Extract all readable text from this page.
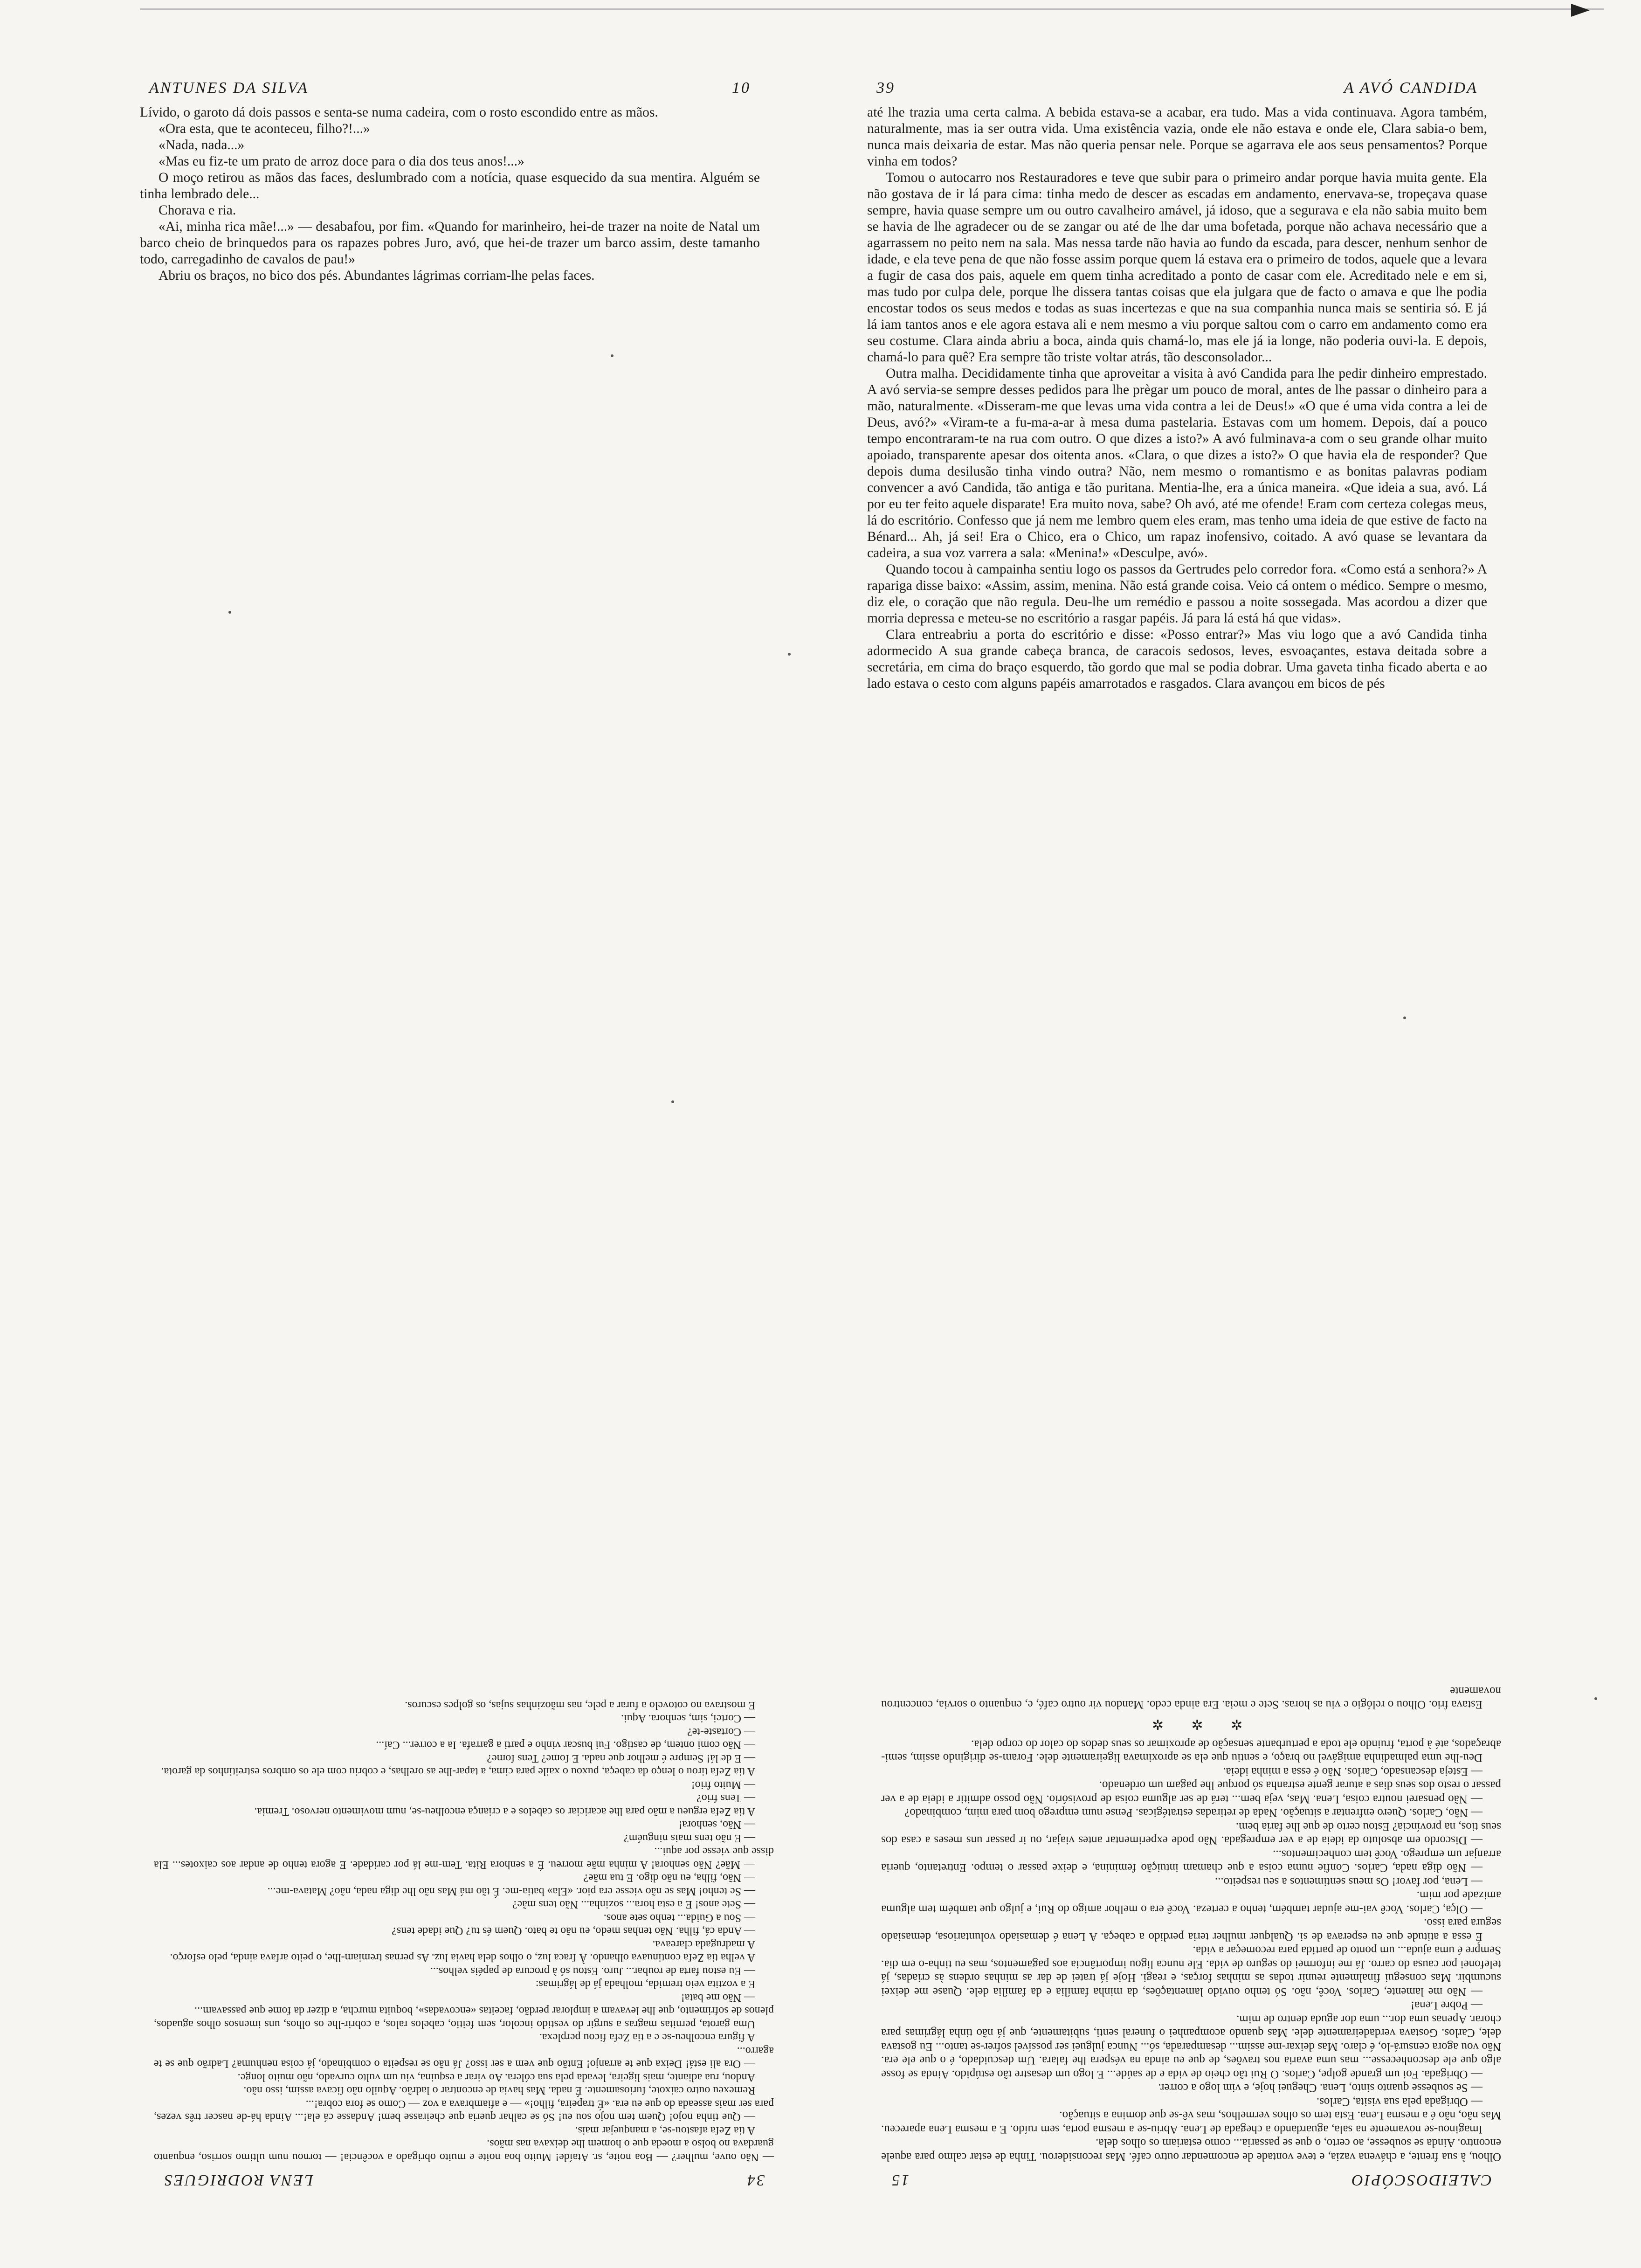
ANTUNES DA SILVA	10

Lívido, o garoto dá dois passos e senta-se numa cadeira, com o rosto escondido entre as mãos.

«Ora esta, que te aconteceu, filho?!...»

«Nada, nada...»

«Mas eu fiz-te um prato de arroz doce para o dia dos teus anos!...»

O moço retirou as mãos das faces, deslumbrado com a notícia, quase esquecido da sua mentira. Alguém se tinha lembrado dele...

Chorava e ria.

«Ai, minha rica mãe!...» — desabafou, por fim. «Quando for marinheiro, hei-de trazer na noite de Natal um barco cheio de brinquedos para os rapazes pobres Juro, avó, que hei-de trazer um barco assim, deste tamanho todo, carregadinho de cavalos de pau!»

Abriu os braços, no bico dos pés. Abundantes lágrimas corriam-lhe pelas faces.

39	A AVÓ CANDIDA

até lhe trazia uma certa calma. A bebida estava-se a acabar, era tudo. Mas a vida continuava. Agora também, naturalmente, mas ia ser outra vida. Uma existência vazia, onde ele não estava e onde ele, Clara sabia-o bem, nunca mais deixaria de estar. Mas não queria pensar nele. Porque se agarrava ele aos seus pensamentos? Porque vinha em todos?

Tomou o autocarro nos Restauradores e teve que subir para o primeiro andar porque havia muita gente. Ela não gostava de ir lá para cima: tinha medo de descer as escadas em andamento, enervava-se, tropeçava quase sempre, havia quase sempre um ou outro cavalheiro amável, já idoso, que a segurava e ela não sabia muito bem se havia de lhe agradecer ou de se zangar ou até de lhe dar uma bofetada, porque não achava necessário que a agarrassem no peito nem na sala. Mas nessa tarde não havia ao fundo da escada, para descer, nenhum senhor de idade, e ela teve pena de que não fosse assim porque quem lá estava era o primeiro de todos, aquele que a levara a fugir de casa dos pais, aquele em quem tinha acreditado a ponto de casar com ele. Acreditado nele e em si, mas tudo por culpa dele, porque lhe dissera tantas coisas que ela julgara que de facto o amava e que lhe podia encostar todos os seus medos e todas as suas incertezas e que na sua companhia nunca mais se sentiria só. E já lá iam tantos anos e ele agora estava ali e nem mesmo a viu porque saltou com o carro em andamento como era seu costume. Clara ainda abriu a boca, ainda quis chamá-lo, mas ele já ia longe, não poderia ouvi-la. E depois, chamá-lo para quê? Era sempre tão triste voltar atrás, tão desconsolador...

Outra malha. Decididamente tinha que aproveitar a visita à avó Candida para lhe pedir dinheiro emprestado. A avó servia-se sempre desses pedidos para lhe prègar um pouco de moral, antes de lhe passar o dinheiro para a mão, naturalmente. «Disseram-me que levas uma vida contra a lei de Deus!» «O que é uma vida contra a lei de Deus, avó?» «Viram-te a fu-ma-a-ar à mesa duma pastelaria. Estavas com um homem. Depois, daí a pouco tempo encontraram-te na rua com outro. O que dizes a isto?» A avó fulminava-a com o seu grande olhar muito apoiado, transparente apesar dos oitenta anos. «Clara, o que dizes a isto?» O que havia ela de responder? Que depois duma desilusão tinha vindo outra? Não, nem mesmo o romantismo e as bonitas palavras podiam convencer a avó Candida, tão antiga e tão puritana. Mentia-lhe, era a única maneira. «Que ideia a sua, avó. Lá por eu ter feito aquele disparate! Era muito nova, sabe? Oh avó, até me ofende! Eram com certeza colegas meus, lá do escritório. Confesso que já nem me lembro quem eles eram, mas tenho uma ideia de que estive de facto na Bénard... Ah, já sei! Era o Chico, era o Chico, um rapaz inofensivo, coitado. A avó quase se levantara da cadeira, a sua voz varrera a sala: «Menina!» «Desculpe, avó».

Quando tocou à campainha sentiu logo os passos da Gertrudes pelo corredor fora. «Como está a senhora?» A rapariga disse baixo: «Assim, assim, menina. Não está grande coisa. Veio cá ontem o médico. Sempre o mesmo, diz ele, o coração que não regula. Deu-lhe um remédio e passou a noite sossegada. Mas acordou a dizer que morria depressa e meteu-se no escritório a rasgar papéis. Já para lá está há que vidas».

Clara entreabriu a porta do escritório e disse: «Posso entrar?» Mas viu logo que a avó Candida tinha adormecido A sua grande cabeça branca, de caracois sedosos, leves, esvoaçantes, estava deitada sobre a secretária, em cima do braço esquerdo, tão gordo que mal se podia dobrar. Uma gaveta tinha ficado aberta e ao lado estava o cesto com alguns papéis amarrotados e rasgados. Clara avançou em bicos de pés

34
LENA RODRIGUES

— Não ouve, mulher? — Boa noite, sr. Ataíde! Muito boa noite e muito obrigado a vocência! — tornou num ultimo sorriso, enquanto guardava no bolso a moeda que o homem lhe deixava nas mãos.

A tia Zefa afastou-se, a manquejar mais.

— Que tinha nojo! Quem tem nojo sou eu! Só se calhar queria que cheirasse bem! Andasse cá ela!... Ainda há-de nascer três vezes, para ser mais asseada do que eu era. «É trapeira, filho!» — e afiambrava a voz — Como se fora cobra!...

Remexeu outro caixote, furiosamente. É nada. Mas havia de encontrar o ladrão. Aquilo não ficava assim, isso não.

Andou, rua adiante, mais ligeira, levada pela sua cólera. Ao virar a esquina, viu um vulto curvado, não muito longe.

— Ora ali está! Deixa que te arranjo! Então que vem a ser isso? Já não se respeita o combinado, já coisa nenhuma? Ladrão que se te agarro...

A figura encolheu-se e a tia Zefa ficou perplexa.

Uma garota, pernitas magras a surgir do vestido incolor, sem feitio, cabelos ralos, a cobrir-lhe os olhos, uns imensos olhos aguados, plenos de sofrimento, que lhe levavam a implorar perdão, faceitas «encovadas», boquita murcha, a dizer da fome que passavam...

— Não me bata!

E a voztita veio tremida, molhada já de lágrimas:

— Eu estou farta de roubar... Juro. Estou só à procura de papéis velhos...

A velha tia Zefa continuava olhando. À fraca luz, o olhos dela havia luz. As pernas tremiam-lhe, o peito arfava ainda, pelo esforço.

A madrugada clareava.

— Anda cá, filha. Não tenhas medo, eu não te bato. Quem és tu? Que idade tens?

— Sou a Guida... tenho sete anos.

— Sete anos! E a esta hora... sozinha... Não tens mãe?

— Se tenho! Mas se não viesse era pior. «Ela» batia-me. É tão má Mas não lhe diga nada, não? Matava-me...

— Não, filha, eu não digo. E tua mãe?

— Mãe? Não senhora! A minha mãe morreu. É a senhora Rita. Tem-me lá por caridade. E agora tenho de andar aos caixotes... Ela disse que viesse por aqui...

— E não tens mais ninguém?

— Não, senhora!

A tia Zefa ergueu a mão para lhe acariciar os cabelos e a criança encolheu-se, num movimento nervoso. Tremia.

— Tens frio?

— Muito frio!

A tia Zefa tirou o lenço da cabeça, puxou o xaile para cima, a tapar-lhe as orelhas, e cobriu com ele os ombros estreitinhos da garota.

— E de lá! Sempre é melhor que nada. E fome? Tens fome?

— Não comi ontem, de castigo. Fui buscar vinho e parti a garrafa. Ia a correr... Caí...

— Cortaste-te?

— Cortei, sim, senhora. Aqui.

E mostrava no cotovelo a furar a pele, nas mãozinhas sujas, os golpes escuros.

CALEIDOSCÓPIO
15

Olhou, à sua frente, a chávena vazia, e teve vontade de encomendar outro café. Mas reconsiderou. Tinha de estar calmo para aquele encontro. Ainda se soubesse, ao certo, o que se passaria... como estariam os olhos dela.

Imaginou-se novamente na sala, aguardando a chegada de Lena. Abriu-se a mesma porta, sem ruído. E a mesma Lena apareceu. Mas não, não é a mesma Lena. Esta tem os olhos vermelhos, mas vê-se que domina a situação.

— Obrigada pela sua visita, Carlos.

— Se soubesse quanto sinto, Lena. Cheguei hoje, e vim logo a correr.

— Obrigada. Foi um grande golpe, Carlos. O Rui tão cheio de vida e de saúde... E logo um desastre tão estúpido. Ainda se fosse algo que ele desconhecesse... mas uma avaria nos travões, de que eu ainda na véspera lhe falara. Um descuidado, é o que ele era. Não vou agora censurá-lo, é claro. Mas deixar-me assim... desamparada, só... Nunca julguei ser possível sofrer-se tanto... Eu gostava dele, Carlos. Gostava verdadeiramente dele. Mas quando acompanhei o funeral senti, subitamente, que já não tinha lágrimas para chorar. Apenas uma dor... uma dor aguda dentro de mim.

— Pobre Lena!

— Não me lamente, Carlos. Você, não. Só tenho ouvido lamentações, da minha família e da família dele. Quase me deixei sucumbir. Mas consegui finalmente reunir todas as minhas forças, e reagi. Hoje já tratei de dar as minhas ordens às criadas, já telefonei por causa do carro. Já me informei do seguro de vida. Ele nunca ligou importância aos pagamentos, mas eu tinha-o em dia. Sempre é uma ajuda... um ponto de partida para recomeçar a vida.

É essa a atitude que eu esperava de si. Qualquer mulher teria perdido a cabeça. A Lena é demasiado voluntariosa, demasiado segura para isso.

— Olça, Carlos. Você vai-me ajudar também, tenho a certeza. Você era o melhor amigo do Rui, e julgo que também tem alguma amizade por mim.

— Lena, por favor! Os meus sentimentos a seu respeito...

— Não diga nada, Carlos. Confie numa coisa a que chamam intuição feminina, e deixe passar o tempo. Entretanto, queria arranjar um emprego. Você tem conhecimentos...

— Discordo em absoluto da ideia de a ver empregada. Não pode experimentar antes viajar, ou ir passar uns meses a casa dos seus tios, na província? Estou certo de que lhe faria bem.

— Não, Carlos. Quero enfrentar a situação. Nada de retiradas estratégicas. Pense num emprego bom para mim, combinado?

— Não pensarei noutra coisa, Lena. Mas, veja bem... terá de ser alguma coisa de provisório. Não posso admitir a ideia de a ver passar o resto dos seus dias a aturar gente estranha só porque lhe pagam um ordenado.

— Esteja descansado, Carlos. Não é essa a minha ideia.

Deu-lhe uma palmadinha amigável no braço, e sentiu que ela se aproximava ligeiramente dele. Foram-se dirigindo assim, semi-abraçados, até à porta, fruindo ele toda a perturbante sensação de aproximar os seus dedos do calor do corpo dela.

✲ ✲ ✲

Estava frio. Olhou o relógio e viu as horas. Sete e meia. Era ainda cedo. Mandou vir outro café, e, enquanto o sorvia, concentrou novamente
